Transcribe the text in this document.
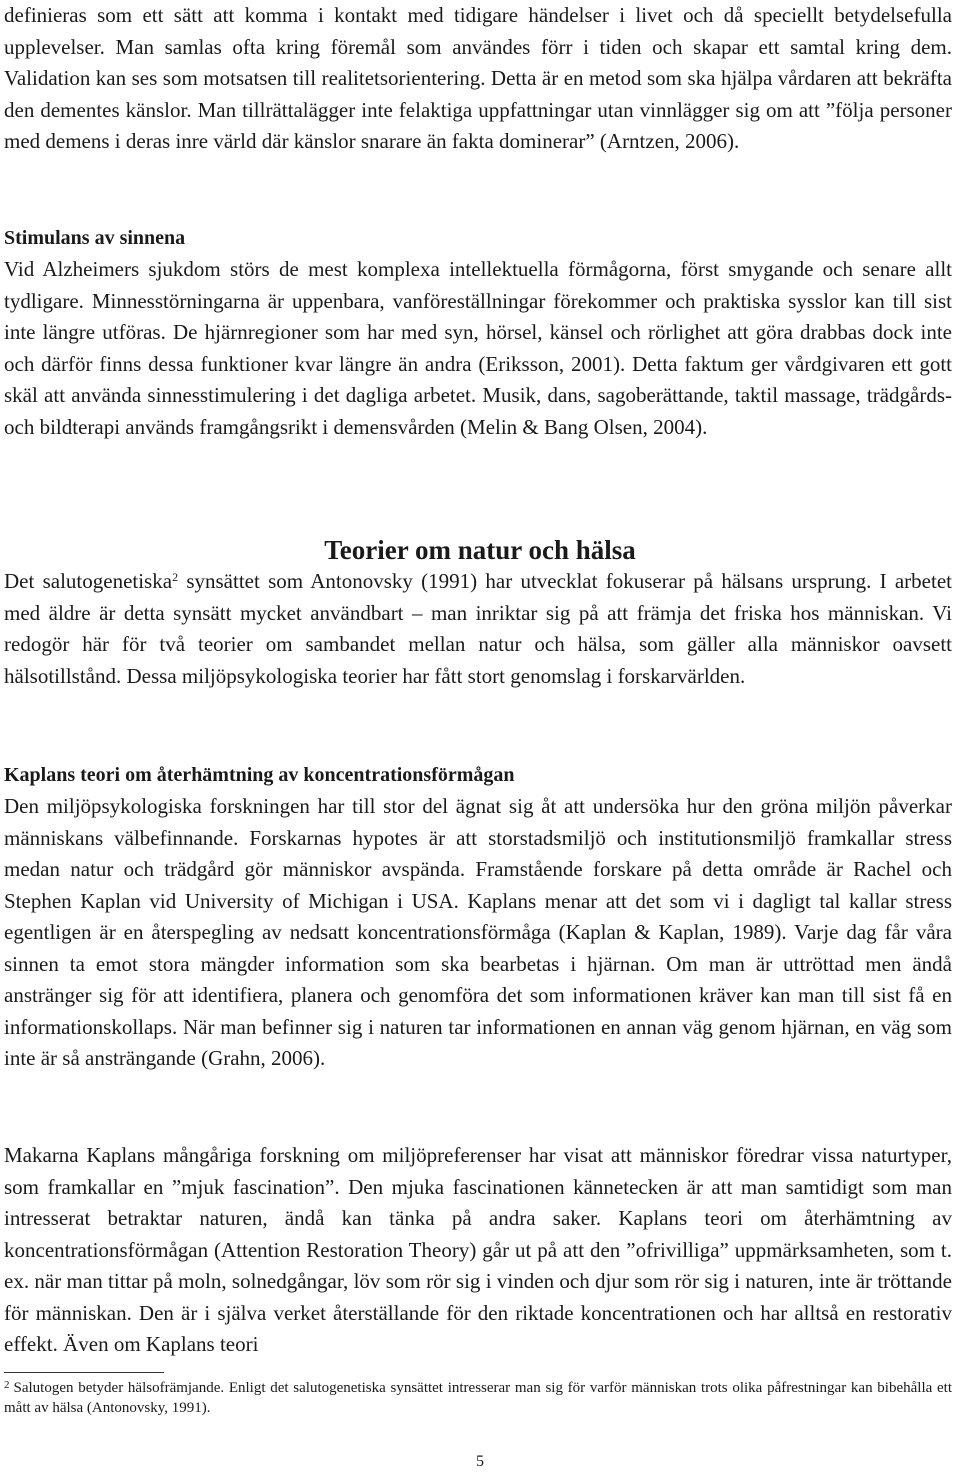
definieras som ett sätt att komma i kontakt med tidigare händelser i livet och då speciellt betydelsefulla upplevelser. Man samlas ofta kring föremål som användes förr i tiden och skapar ett samtal kring dem. Validation kan ses som motsatsen till realitetsorientering. Detta är en metod som ska hjälpa vårdaren att bekräfta den dementes känslor. Man tillrättalägger inte felaktiga uppfattningar utan vinnlägger sig om att ”följa personer med demens i deras inre värld där känslor snarare än fakta dominerar” (Arntzen, 2006).

Stimulans av sinnena

Vid Alzheimers sjukdom störs de mest komplexa intellektuella förmågorna, först smygande och senare allt tydligare. Minnesstörningarna är uppenbara, vanföreställningar förekommer och praktiska sysslor kan till sist inte längre utföras. De hjärnregioner som har med syn, hörsel, känsel och rörlighet att göra drabbas dock inte och därför finns dessa funktioner kvar längre än andra (Eriksson, 2001). Detta faktum ger vårdgivaren ett gott skäl att använda sinnesstimulering i det dagliga arbetet. Musik, dans, sagoberättande, taktil massage, trädgårds- och bildterapi används framgångsrikt i demensvården (Melin & Bang Olsen, 2004).

Teorier om natur och hälsa

Det salutogenetiska$^2$ synsättet som Antonovsky (1991) har utvecklat fokuserar på hälsans ursprung. I arbetet med äldre är detta synsätt mycket användbart – man inriktar sig på att främja det friska hos människan. Vi redogör här för två teorier om sambandet mellan natur och hälsa, som gäller alla människor oavsett hälsotillstånd. Dessa miljöpsykologiska teorier har fått stort genomslag i forskarvärlden.

Kaplans teori om återhämtning av koncentrationsförmågan

Den miljöpsykologiska forskningen har till stor del ägnat sig åt att undersöka hur den gröna miljön påverkar människans välbefinnande. Forskarnas hypotes är att storstadsmiljö och institutionsmiljö framkallar stress medan natur och trädgård gör människor avspända. Framstående forskare på detta område är Rachel och Stephen Kaplan vid University of Michigan i USA. Kaplans menar att det som vi i dagligt tal kallar stress egentligen är en återspegling av nedsatt koncentrationsförmåga (Kaplan & Kaplan, 1989). Varje dag får våra sinnen ta emot stora mängder information som ska bearbetas i hjärnan. Om man är uttröttad men ändå anstränger sig för att identifiera, planera och genomföra det som informationen kräver kan man till sist få en informationskollaps. När man befinner sig i naturen tar informationen en annan väg genom hjärnan, en väg som inte är så ansträngande (Grahn, 2006).

Makarna Kaplans mångåriga forskning om miljöpreferenser har visat att människor föredrar vissa naturtyper, som framkallar en ”mjuk fascination”. Den mjuka fascinationen kännetecken är att man samtidigt som man intresserat betraktar naturen, ändå kan tänka på andra saker. Kaplans teori om återhämtning av koncentrationsförmågan (Attention Restoration Theory) går ut på att den ”ofrivilliga” uppmärksamheten, som t. ex. när man tittar på moln, solnedgångar, löv som rör sig i vinden och djur som rör sig i naturen, inte är tröttande för människan. Den är i själva verket återställande för den riktade koncentrationen och har alltså en restorativ effekt. Även om Kaplans teori

$^2$ Salutogen betyder hälsofrämjande. Enligt det salutogenetiska synsättet intresserar man sig för varför människan trots olika påfrestningar kan bibehålla ett mått av hälsa (Antonovsky, 1991).
5
